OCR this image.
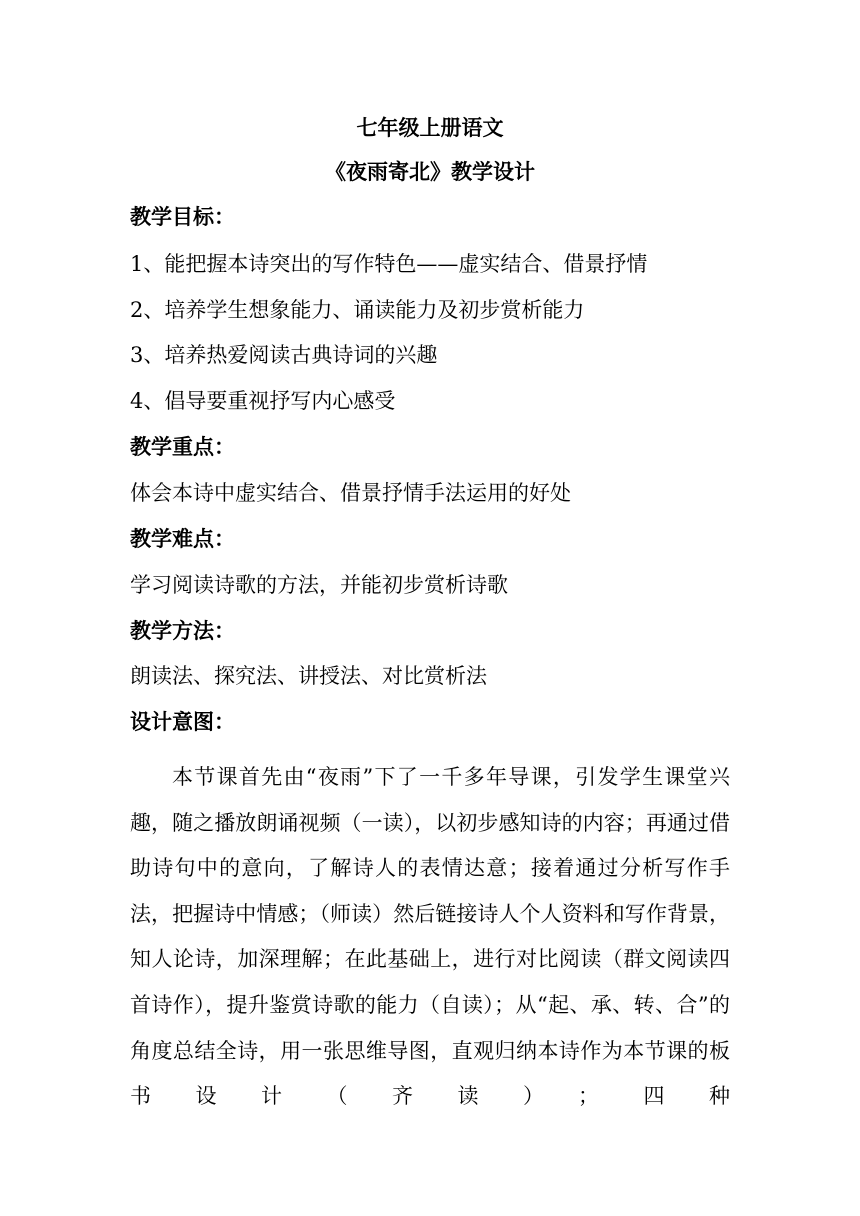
七年级上册语文
《夜雨寄北》教学设计
教学目标：
1、能把握本诗突出的写作特色——虚实结合、借景抒情
2、培养学生想象能力、诵读能力及初步赏析能力
3、培养热爱阅读古典诗词的兴趣
4、倡导要重视抒写内心感受
教学重点：
体会本诗中虚实结合、借景抒情手法运用的好处
教学难点：
学习阅读诗歌的方法，并能初步赏析诗歌
教学方法：
朗读法、探究法、讲授法、对比赏析法
设计意图：
本节课首先由“夜雨”下了一千多年导课，引发学生课堂兴趣，随之播放朗诵视频（一读），以初步感知诗的内容；再通过借助诗句中的意向，了解诗人的表情达意；接着通过分析写作手法，把握诗中情感；（师读）然后链接诗人个人资料和写作背景，知人论诗，加深理解；在此基础上，进行对比阅读（群文阅读四首诗作），提升鉴赏诗歌的能力（自读）；从“起、承、转、合”的角度总结全诗，用一张思维导图，直观归纳本诗作为本节课的板书设计（齐读）；四种
